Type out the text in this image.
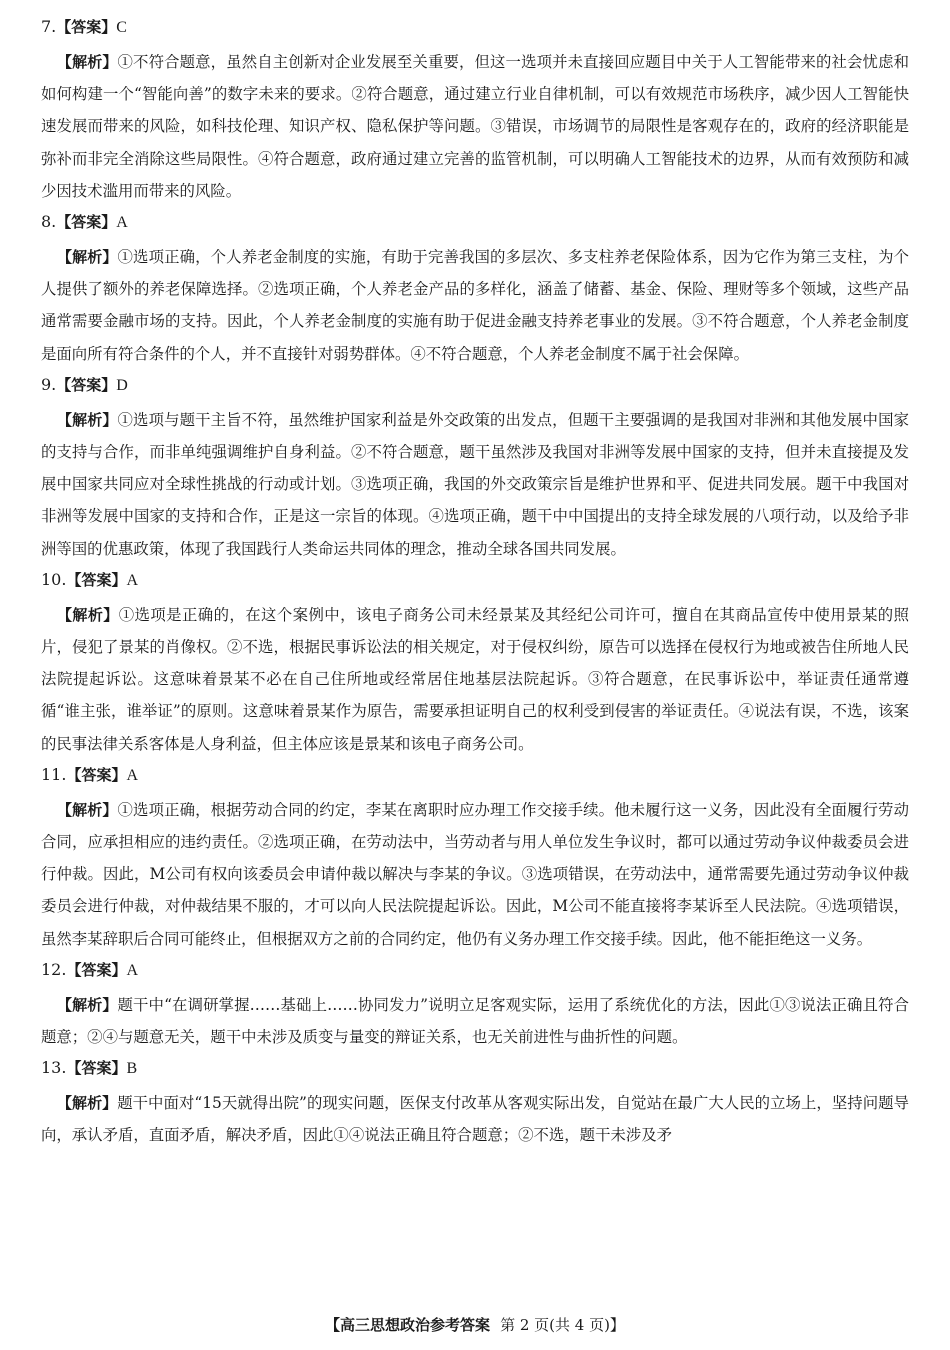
7.【答案】C
【解析】①不符合题意，虽然自主创新对企业发展至关重要，但这一选项并未直接回应题目中关于人工智能带来的社会忧虑和如何构建一个“智能向善”的数字未来的要求。②符合题意，通过建立行业自律机制，可以有效规范市场秩序，减少因人工智能快速发展而带来的风险，如科技伦理、知识产权、隐私保护等问题。③错误，市场调节的局限性是客观存在的，政府的经济职能是弥补而非完全消除这些局限性。④符合题意，政府通过建立完善的监管机制，可以明确人工智能技术的边界，从而有效预防和减少因技术滥用而带来的风险。
8.【答案】A
【解析】①选项正确，个人养老金制度的实施，有助于完善我国的多层次、多支柱养老保险体系，因为它作为第三支柱，为个人提供了额外的养老保障选择。②选项正确，个人养老金产品的多样化，涵盖了储蓄、基金、保险、理财等多个领域，这些产品通常需要金融市场的支持。因此，个人养老金制度的实施有助于促进金融支持养老事业的发展。③不符合题意，个人养老金制度是面向所有符合条件的个人，并不直接针对弱势群体。④不符合题意，个人养老金制度不属于社会保障。
9.【答案】D
【解析】①选项与题干主旨不符，虽然维护国家利益是外交政策的出发点，但题干主要强调的是我国对非洲和其他发展中国家的支持与合作，而非单纯强调维护自身利益。②不符合题意，题干虽然涉及我国对非洲等发展中国家的支持，但并未直接提及发展中国家共同应对全球性挑战的行动或计划。③选项正确，我国的外交政策宗旨是维护世界和平、促进共同发展。题干中我国对非洲等发展中国家的支持和合作，正是这一宗旨的体现。④选项正确，题干中中国提出的支持全球发展的八项行动，以及给予非洲等国的优惠政策，体现了我国践行人类命运共同体的理念，推动全球各国共同发展。
10.【答案】A
【解析】①选项是正确的，在这个案例中，该电子商务公司未经景某及其经纪公司许可，擅自在其商品宣传中使用景某的照片，侵犯了景某的肖像权。②不选，根据民事诉讼法的相关规定，对于侵权纠纷，原告可以选择在侵权行为地或被告住所地人民法院提起诉讼。这意味着景某不必在自己住所地或经常居住地基层法院起诉。③符合题意，在民事诉讼中，举证责任通常遵循“谁主张，谁举证”的原则。这意味着景某作为原告，需要承担证明自己的权利受到侵害的举证责任。④说法有误，不选，该案的民事法律关系客体是人身利益，但主体应该是景某和该电子商务公司。
11.【答案】A
【解析】①选项正确，根据劳动合同的约定，李某在离职时应办理工作交接手续。他未履行这一义务，因此没有全面履行劳动合同，应承担相应的违约责任。②选项正确，在劳动法中，当劳动者与用人单位发生争议时，都可以通过劳动争议仲裁委员会进行仲裁。因此，M公司有权向该委员会申请仲裁以解决与李某的争议。③选项错误，在劳动法中，通常需要先通过劳动争议仲裁委员会进行仲裁，对仲裁结果不服的，才可以向人民法院提起诉讼。因此，M公司不能直接将李某诉至人民法院。④选项错误，虽然李某辞职后合同可能终止，但根据双方之前的合同约定，他仍有义务办理工作交接手续。因此，他不能拒绝这一义务。
12.【答案】A
【解析】题干中“在调研掌握……基础上……协同发力”说明立足客观实际，运用了系统优化的方法，因此①③说法正确且符合题意；②④与题意无关，题干中未涉及质变与量变的辩证关系，也无关前进性与曲折性的问题。
13.【答案】B
【解析】题干中面对“15天就得出院”的现实问题，医保支付改革从客观实际出发，自觉站在最广大人民的立场上，坚持问题导向，承认矛盾，直面矛盾，解决矛盾，因此①④说法正确且符合题意；②不选，题干未涉及矛
【高三思想政治参考答案 第 2 页(共 4 页)】
